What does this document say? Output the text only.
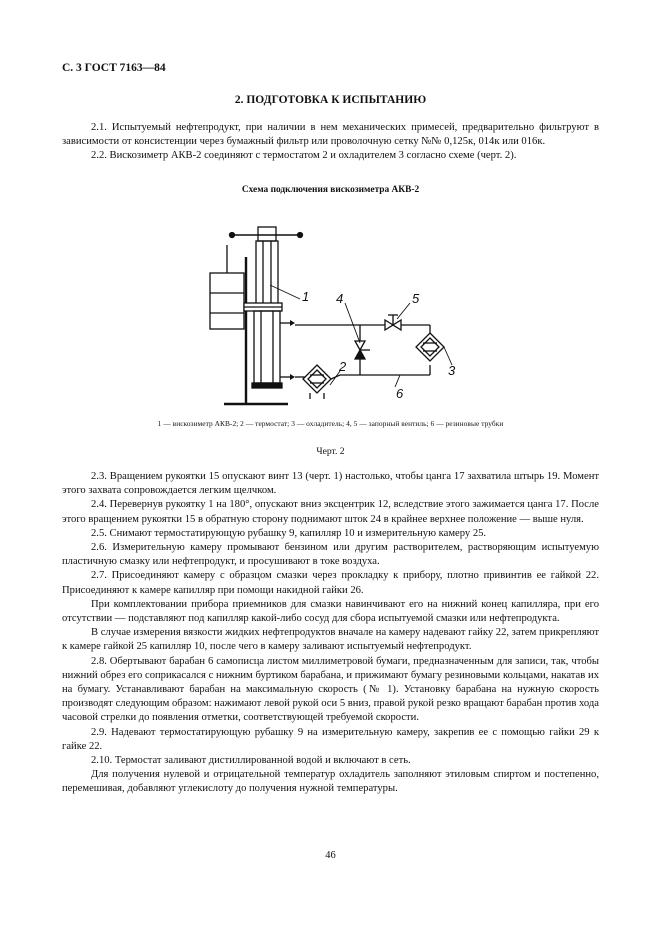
С. 3 ГОСТ 7163—84
2. ПОДГОТОВКА К ИСПЫТАНИЮ

2.1. Испытуемый нефтепродукт, при наличии в нем механических примесей, предварительно фильтруют в зависимости от консистенции через бумажный фильтр или проволочную сетку №№ 0,125к, 014к или 016к.

2.2. Вискозиметр АКВ-2 соединяют с термостатом 2 и охладителем 3 согласно схеме (черт. 2).

Схема подключения вискозиметра АКВ-2
1 4	5
3
2
6
1 — вискозиметр АКВ-2; 2 — термостат; 3 — охладитель; 4, 5 — запорный вентиль; 6 — резиновые трубки
Черт. 2

2.3. Вращением рукоятки 15 опускают винт 13 (черт. 1) настолько, чтобы цанга 17 захватила штырь 19. Момент этого захвата сопровождается легким щелчком.

2.4. Перевернув рукоятку 1 на 180°, опускают вниз эксцентрик 12, вследствие этого зажимается цанга 17. После этого вращением рукоятки 15 в обратную сторону поднимают шток 24 в крайнее верхнее положение — выше нуля.

2.5. Снимают термостатирующую рубашку 9, капилляр 10 и измерительную камеру 25.

2.6. Измерительную камеру промывают бензином или другим растворителем, растворяющим испытуемую пластичную смазку или нефтепродукт, и просушивают в токе воздуха.

2.7. Присоединяют камеру с образцом смазки через прокладку к прибору, плотно привинтив ее гайкой 22. Присоединяют к камере капилляр при помощи накидной гайки 26.

При комплектовании прибора приемников для смазки навинчивают его на нижний конец капилляра, при его отсутствии — подставляют под капилляр какой-либо сосуд для сбора испытуемой смазки или нефтепродукта.

В случае измерения вязкости жидких нефтепродуктов вначале на камеру надевают гайку 22, затем прикрепляют к камере гайкой 25 капилляр 10, после чего в камеру заливают испытуемый нефтепродукт.

2.8. Обертывают барабан 6 самописца листом миллиметровой бумаги, предназначенным для записи, так, чтобы нижний обрез его соприкасался с нижним буртиком барабана, и прижимают бумагу резиновыми кольцами, накатав их на бумагу. Устанавливают барабан на максимальную скорость (№ 1). Установку барабана на нужную скорость производят следующим образом: нажимают левой рукой оси 5 вниз, правой рукой резко вращают барабан против хода часовой стрелки до появления отметки, соответствующей требуемой скорости.

2.9. Надевают термостатирующую рубашку 9 на измерительную камеру, закрепив ее с помощью гайки 29 к гайке 22.

2.10. Термостат заливают дистиллированной водой и включают в сеть.

Для получения нулевой и отрицательной температур охладитель заполняют этиловым спиртом и постепенно, перемешивая, добавляют углекислоту до получения нужной температуры.

46
